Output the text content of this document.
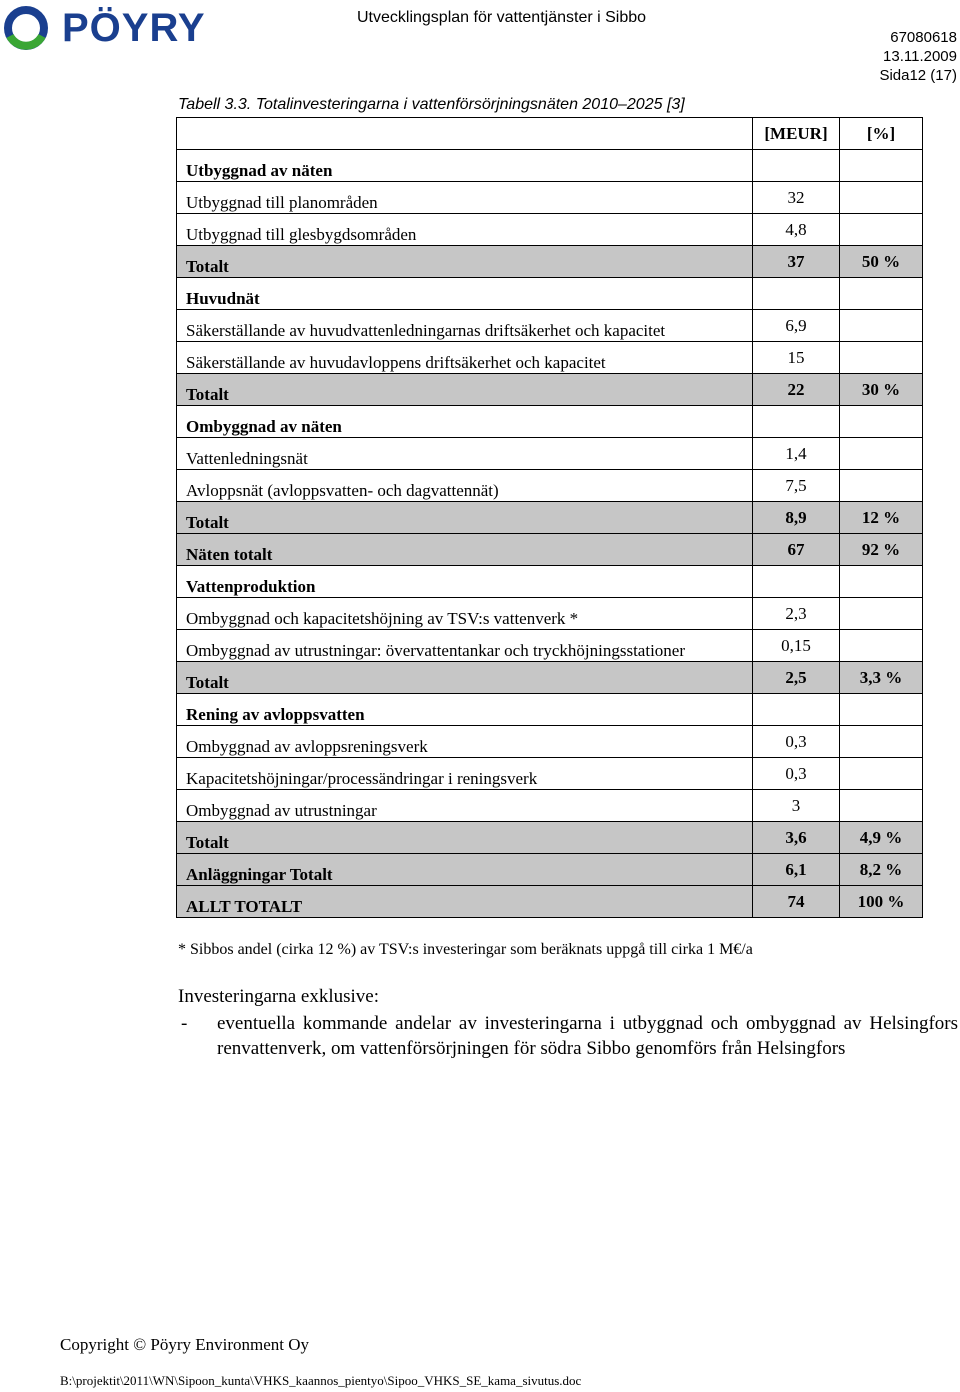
PÖYRY	Utvecklingsplan för vattentjänster i Sibbo
67080618
13.11.2009
Sida12 (17)
Tabell 3.3. Totalinvesteringarna i vattenförsörjningsnäten 2010–2025 [3]
	[MEUR]	[%]
Utbyggnad av näten		
Utbyggnad till planområden	32	
Utbyggnad till glesbygdsområden	4,8	
Totalt	37	50 %
Huvudnät		
Säkerställande av huvudvattenledningarnas driftsäkerhet och kapacitet	6,9	
Säkerställande av huvudavloppens driftsäkerhet och kapacitet	15	
Totalt	22	30 %
Ombyggnad av näten		
Vattenledningsnät	1,4	
Avloppsnät (avloppsvatten- och dagvattennät)	7,5	
Totalt	8,9	12 %
Näten totalt	67	92 %
Vattenproduktion		
Ombyggnad och kapacitetshöjning av TSV:s vattenverk *	2,3	
Ombyggnad av utrustningar: övervattentankar och tryckhöjningsstationer	0,15	
Totalt	2,5	3,3 %
Rening av avloppsvatten		
Ombyggnad av avloppsreningsverk	0,3	
Kapacitetshöjningar/processändringar i reningsverk	0,3	
Ombyggnad av utrustningar	3	
Totalt	3,6	4,9 %
Anläggningar Totalt	6,1	8,2 %
ALLT TOTALT	74	100 %
* Sibbos andel (cirka 12 %) av TSV:s investeringar som beräknats uppgå till cirka 1 M€/a
Investeringarna exklusive:
- eventuella kommande andelar av investeringarna i utbyggnad och ombyggnad av Helsingfors renvattenverk, om vattenförsörjningen för södra Sibbo genomförs från Helsingfors
Copyright © Pöyry Environment Oy
B:\projektit\2011\WN\Sipoon_kunta\VHKS_kaannos_pientyo\Sipoo_VHKS_SE_kama_sivutus.doc
